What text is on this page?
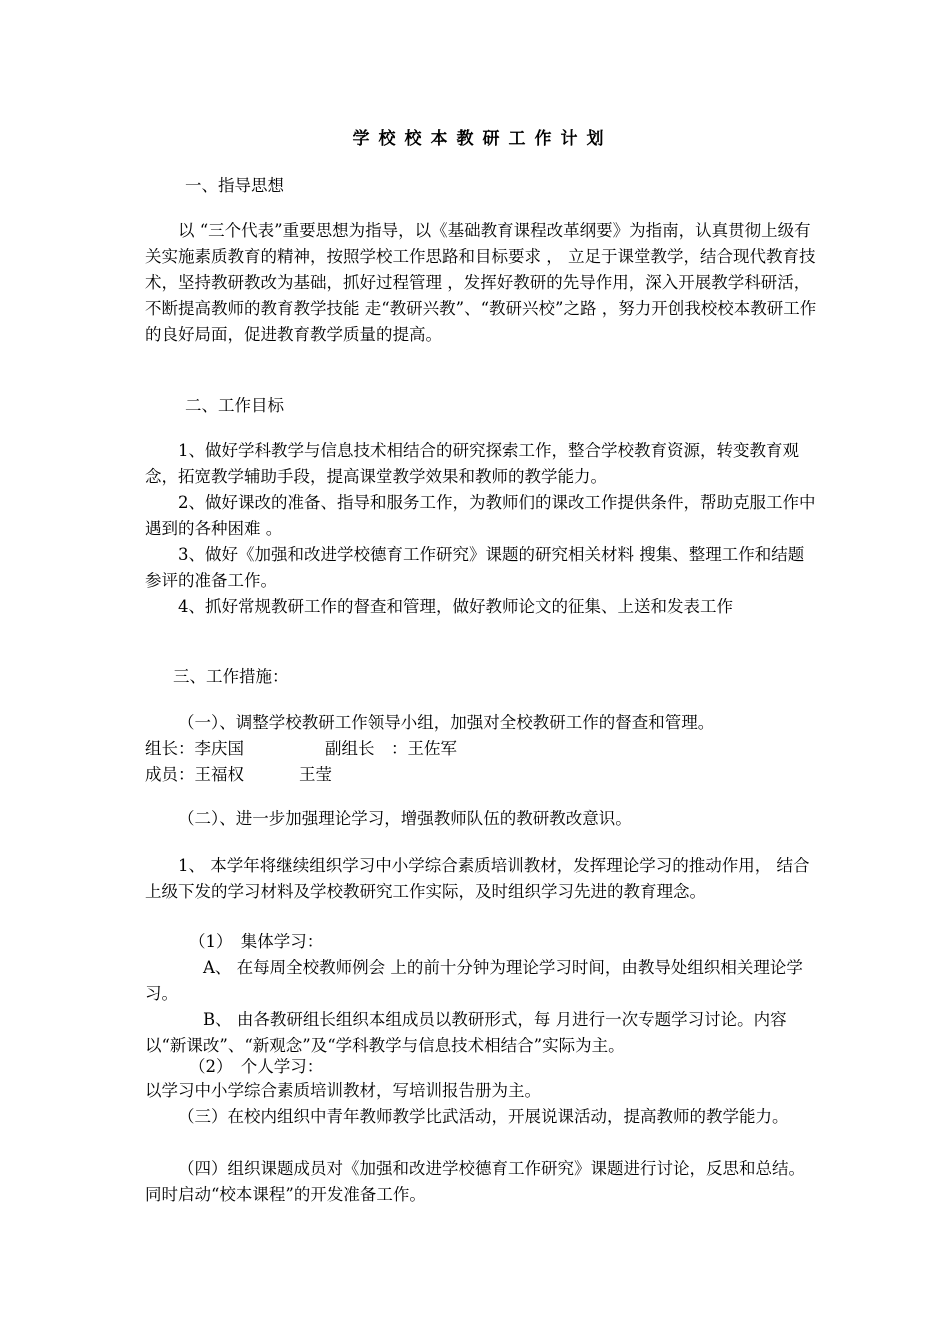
学校校本教研工作计划
一、指导思想
以 “三个代表”重要思想为指导，以《基础教育课程改革纲要》为指南，认真贯彻上级有关实施素质教育的精神，按照学校工作思路和目标要求 ， 立足于课堂教学，结合现代教育技术，坚持教研教改为基础，抓好过程管理 ，发挥好教研的先导作用，深入开展教学科研活，不断提高教师的教育教学技能 走“教研兴教”、“教研兴校”之路 ，努力开创我校校本教研工作的良好局面，促进教育教学质量的提高。
二、工作目标
1、做好学科教学与信息技术相结合的研究探索工作，整合学校教育资源，转变教育观念，拓宽教学辅助手段，提高课堂教学效果和教师的教学能力。
2、做好课改的准备、指导和服务工作，为教师们的课改工作提供条件，帮助克服工作中遇到的各种困难 。
3、做好《加强和改进学校德育工作研究》课题的研究相关材料 搜集、整理工作和结题参评的准备工作。
4、抓好常规教研工作的督查和管理，做好教师论文的征集、上送和发表工作
三、工作措施：
（一）、调整学校教研工作领导小组，加强对全校教研工作的督查和管理。
组长：李庆国	副组长　：王佐军
成员：王福权	王莹
（二）、进一步加强理论学习，增强教师队伍的教研教改意识。
1、 本学年将继续组织学习中小学综合素质培训教材，发挥理论学习的推动作用， 结合上级下发的学习材料及学校教研究工作实际，及时组织学习先进的教育理念。
（1）　集体学习：
A、 在每周全校教师例会 上的前十分钟为理论学习时间，由教导处组织相关理论学习。
B、 由各教研组长组织本组成员以教研形式，每 月进行一次专题学习讨论。内容以“新课改”、“新观念”及“学科教学与信息技术相结合”实际为主。
（2）　个人学习：
以学习中小学综合素质培训教材，写培训报告册为主。
（三）在校内组织中青年教师教学比武活动，开展说课活动，提高教师的教学能力。
（四）组织课题成员对《加强和改进学校德育工作研究》课题进行讨论，反思和总结。同时启动“校本课程”的开发准备工作。
